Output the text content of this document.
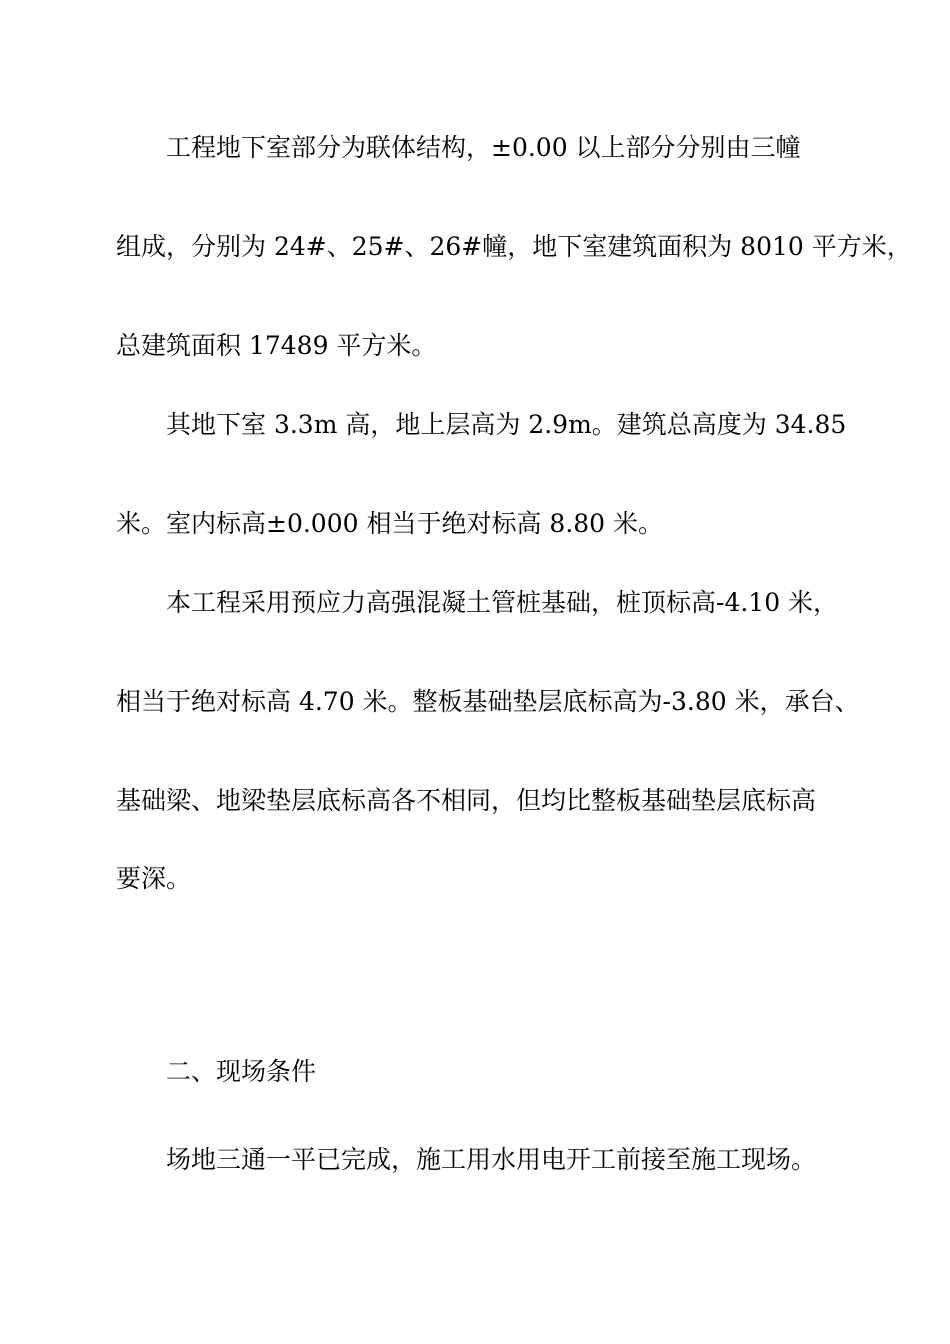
工程地下室部分为联体结构，±0.00 以上部分分别由三幢
组成，分别为 24#、25#、26#幢，地下室建筑面积为 8010 平方米，
总建筑面积 17489 平方米。
其地下室 3.3m 高，地上层高为 2.9m。建筑总高度为 34.85
米。室内标高±0.000 相当于绝对标高 8.80 米。
本工程采用预应力高强混凝土管桩基础，桩顶标高-4.10 米，
相当于绝对标高 4.70 米。整板基础垫层底标高为-3.80 米，承台、
基础梁、地梁垫层底标高各不相同，但均比整板基础垫层底标高
要深。
二、现场条件
场地三通一平已完成，施工用水用电开工前接至施工现场。
